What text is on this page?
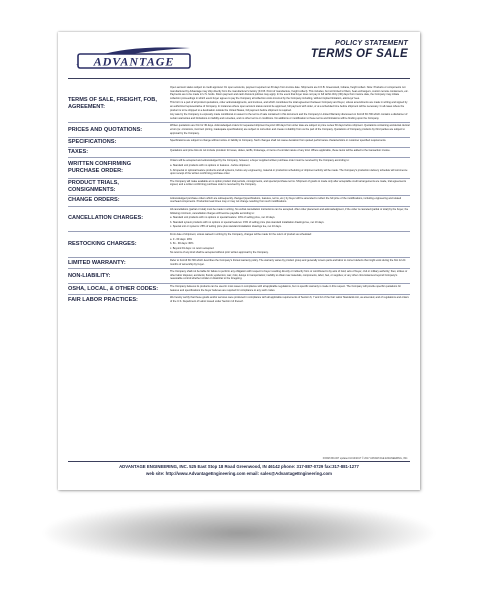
ADVANTAGE
POLICY STATEMENT
TERMS OF SALE
TERMS OF SALE, FREIGHT, FOB, AGREEMENT:
Open account status subject to credit approval. On open accounts, payment required net 30 days from invoice date. Shipments are F.O.B. Greenwood, Indiana, freight collect. Note: Products or components not manufactured by Advantage may ship directly from the manufacturer's factory (F.O.B. Point of manufacture, freight collect). This includes, but not limited to filters, heat exchangers, custom remote condensers, etc. Payments are to be made in U.S. funds. Down payment and cash discount policies may apply. In the event that buyer does not pay in full within thirty (30) days from invoice date, the Company may initiate collection proceedings in which event buyer agrees to pay the Company all collection costs incurred by the Company including, without implied limitation, attorneys' fees.
This form is a part of all product quotations, order acknowledgments, and invoices, and which constitutes the total agreement between Company and buyer, unless amendments are made in writing and signed by an authorized representative of Company. In instances where open account status cannot be approved, full payment with order, or at a scheduled time before shipment will be necessary. In all cases where the product is to be shipped to a destination outside the United States, full payment before shipment is required.
Any sale by the Company is expressly made conditional on assent to the terms of sale contained in this document and the Company's Limited Warranty discussed on Form# 30-700 which contains a disclaimer of certain warranties and limitations on liability and remedies, and no other terms or conditions. No additions or modification to these terms and limitations will be binding upon the Company.
PRICES AND QUOTATIONS:
Written quotations are firm for 30 days. Acknowledged orders for requested shipment beyond 100 days from order date are subject to price review 30 days before shipment. Quotations containing accidental clerical errors (ie: omissions, incorrect pricing, inadequate specifications) are subject to correction and create no liability from us the part of the Company. Quotations of Company products by third parties are subject to approval by the Company.
SPECIFICATIONS:	Specifications are subject to change without notice or liability to Company. Such changes shall not cause deviation from quoted performance characteristics or customer specified requirements.
TAXES:	Quotations and price lists do not include provision for taxes, duties, tariffs, brokerage, or items of a similar nature of any kind. Where applicable, these items will be added to the transaction invoice.
WRITTEN CONFIRMING PURCHASE ORDER:
Orders will be accepted and acknowledged by the Company, however, a buyer supplied written purchase order must be received by the Company according to:
a. Standard unit products with no options or features - before shipment.
b. All special or optional feature products and all systems, before any engineering, material or production scheduling or shipment activity will be made. The Company's production delivery schedule will commence upon receipt of the written confirming purchase order.
PRODUCT TRIALS, CONSIGNMENTS:
The Company will make available at no option product trial periods, consignments, and special purchase terms. Shipment of goods to made only after acceptable credit arrangements are made, trial agreements signed, and a written confirming purchase order is received by the Company.
CHANGE ORDERS:	Acknowledged purchase orders which are subsequently changed (specifications, features, terms, etc.) by buyer will be amended to reflect the full price of the modifications, including engineering and related overhead components. Production lead times may or may not change resulting from such modifications.
CANCELLATION CHARGES:
All cancellations (partial or total) must be made in writing. No verbal cancellation instructions can be accepted. After order placement and acknowledgment, if the order is canceled (partial or total) by the buyer, the following minimum, cancellation charges will become payable according to:
a. Standard unit products with no options or special feature: 10% of selling price, net 10 days.
b. Standard system products with no options or special features: 15% of selling price plus standard installation drawings fee, net 10 days.
c. Special unit or systems: 25% of selling price plus standard installation drawings fee, net 10 days.
RESTOCKING CHARGES:
From date of shipment, unless waived in writing by the Company, charges will be made for the return of product as scheduled:
a. 0 - 60 days: 20%
b. 61 - 90 days: 30%
c. Beyond 91 days: no return accepted
No returns of any kind shall be accepted without prior written approval by the Company.
LIMITED WARRANTY:	Refer to Form# 30-700 which describes the Company's limited warranty policy. The warranty varies by product group and generally covers parts and labor to correct defects that might exist during the first 12-24 months of ownership by buyer.
NON-LIABILITY:
The Company shall not be liable for failure to perform any obligation with respect to buyer resulting directly or indirectly from or contributed to by acts of God; acts of buyer, civil or military authority; fires; strikes or other labor disputes; accidents; floods; epidemics; war; riots; delays in transportation; inability to obtain raw materials, components, labor, fuel, or supplies; or any other circumstances beyond Company's reasonable control whether similar or dissimilar to the foregoing.
OSHA, LOCAL, & OTHER CODES:	The Company believes its products can be used in most cases in compliance with all applicable regulations, but no specific warranty is made in this respect. The Company will provide specific quotations for features and specifications the buyer believes are required for compliance to any such codes.
FAIR LABOR PRACTICES:	We hereby certify that these goods and/or services were produced in compliance with all applicable requirements of Section 6, 7 and 12 of the Fair Labor Standards Act, as amended, and of regulations and orders of the U.S. Department of Labor issued under Section 14 thereof.
FORM #30-007 updated 10/10/2017 © 2017 ADVANTAGE ENGINEERING, INC.
ADVANTAGE ENGINEERING, INC. 525 East Stop 18 Road Greenwood, IN 46142 phone: 317-887-0729 fax:317-881-1277
web site: http://www.AdvantageEngineering.com email: sales@AdvantageEngineering.com
